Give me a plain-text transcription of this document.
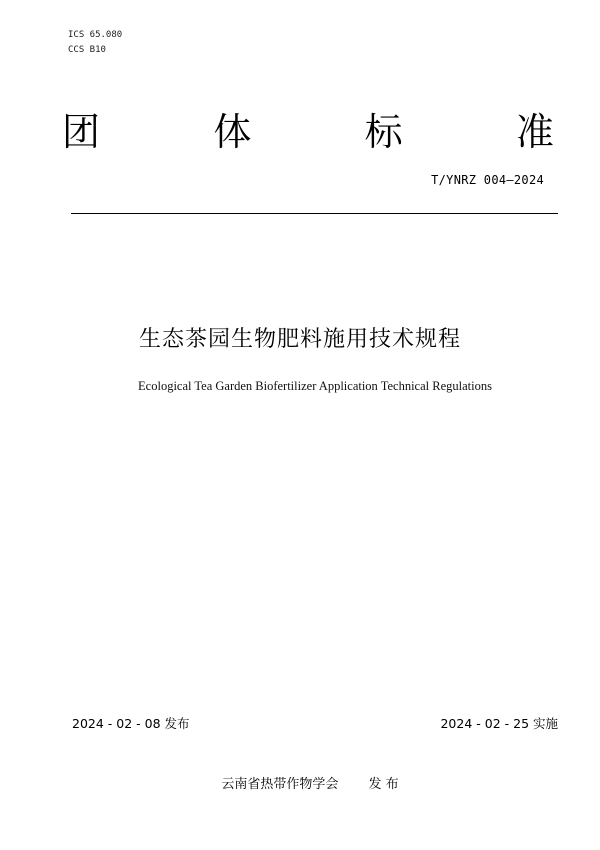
ICS 65.080
CCS B10
团	体	标	准
T/YNRZ 004—2024
生态茶园生物肥料施用技术规程
Ecological Tea Garden Biofertilizer Application Technical Regulations
2024 - 02 - 08 发布	2024 - 02 - 25 实施
云南省热带作物学会 发 布
